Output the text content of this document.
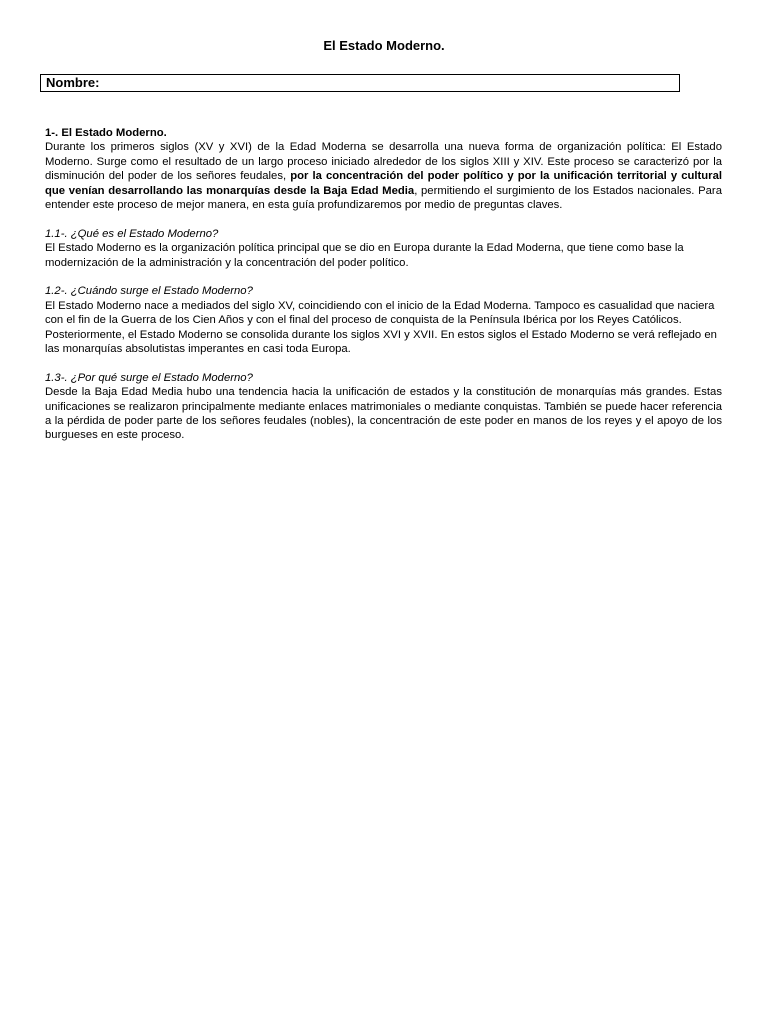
El Estado Moderno.
Nombre:

1-. El Estado Moderno.

Durante los primeros siglos (XV y XVI) de la Edad Moderna se desarrolla una nueva forma de organización política: El Estado Moderno. Surge como el resultado de un largo proceso iniciado alrededor de los siglos XIII y XIV. Este proceso se caracterizó por la disminución del poder de los señores feudales, por la concentración del poder político y por la unificación territorial y cultural que venían desarrollando las monarquías desde la Baja Edad Media, permitiendo el surgimiento de los Estados nacionales. Para entender este proceso de mejor manera, en esta guía profundizaremos por medio de preguntas claves.

1.1-. ¿Qué es el Estado Moderno?

El Estado Moderno es la organización política principal que se dio en Europa durante la Edad Moderna, que tiene como base la modernización de la administración y la concentración del poder político.

1.2-. ¿Cuándo surge el Estado Moderno?

El Estado Moderno nace a mediados del siglo XV, coincidiendo con el inicio de la Edad Moderna. Tampoco es casualidad que naciera con el fin de la Guerra de los Cien Años y con el final del proceso de conquista de la Península Ibérica por los Reyes Católicos.

Posteriormente, el Estado Moderno se consolida durante los siglos XVI y XVII. En estos siglos el Estado Moderno se verá reflejado en las monarquías absolutistas imperantes en casi toda Europa.

1.3-. ¿Por qué surge el Estado Moderno?

Desde la Baja Edad Media hubo una tendencia hacia la unificación de estados y la constitución de monarquías más grandes. Estas unificaciones se realizaron principalmente mediante enlaces matrimoniales o mediante conquistas. También se puede hacer referencia a la pérdida de poder parte de los señores feudales (nobles), la concentración de este poder en manos de los reyes y el apoyo de los burgueses en este proceso.
